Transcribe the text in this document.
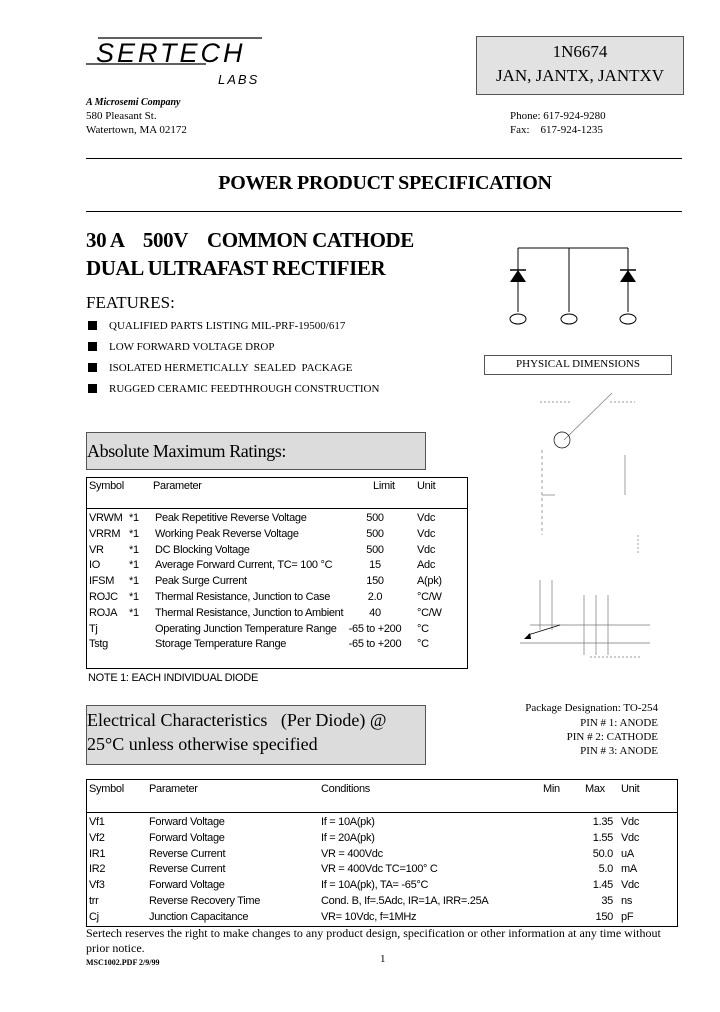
SERTECH
LABS
A Microsemi Company
580 Pleasant St.
Watertown, MA 02172
1N6674
JAN, JANTX, JANTXV
Phone: 617-924-9280
Fax:    617-924-1235
POWER PRODUCT SPECIFICATION
30 A    500V    COMMON CATHODE
DUAL ULTRAFAST RECTIFIER
FEATURES:
QUALIFIED PARTS LISTING MIL-PRF-19500/617
LOW FORWARD VOLTAGE DROP
ISOLATED HERMETICALLY  SEALED  PACKAGE
RUGGED CERAMIC FEEDTHROUGH CONSTRUCTION
PHYSICAL DIMENSIONS
Absolute Maximum Ratings:
Symbol	Parameter	Limit Unit
VRWM *1 Peak Repetitive Reverse Voltage	500	Vdc
VRRM *1 Working Peak Reverse Voltage	500	Vdc
VR *1 DC Blocking Voltage	500	Vdc
IO	*1 Average Forward Current, TC= 100 °C	15	Adc
IFSM *1 Peak Surge Current	150	A(pk)
ROJC *1 Thermal Resistance, Junction to Case	2.0	°C/W
ROJA *1 Thermal Resistance, Junction to Ambient	40	°C/W
Tj	Operating Junction Temperature Range	-65 to +200	°C
Tstg	Storage Temperature Range	-65 to +200	°C
NOTE 1: EACH INDIVIDUAL DIODE
Electrical Characteristics   (Per Diode) @
25°C unless otherwise specified
Package Designation: TO-254
PIN # 1: ANODE
PIN # 2: CATHODE
PIN # 3: ANODE
Symbol Parameter	Conditions	Min Max Unit
Vf1	Forward Voltage	If = 10A(pk)	1.35 Vdc
Vf2	Forward Voltage	If = 20A(pk)	1.55 Vdc
IR1	Reverse Current	VR = 400Vdc	50.0 uA
IR2	Reverse Current	VR = 400Vdc TC=100° C	5.0 mA
Vf3	Forward Voltage	If = 10A(pk), TA= -65°C	1.45 Vdc
trr	Reverse Recovery Time	Cond. B, If=.5Adc, IR=1A, IRR=.25A	35 ns
Cj	Junction Capacitance	VR= 10Vdc, f=1MHz	150 pF
Sertech reserves the right to make changes to any product design, specification or other information at any time without prior notice.
MSC1002.PDF 2/9/99	1
